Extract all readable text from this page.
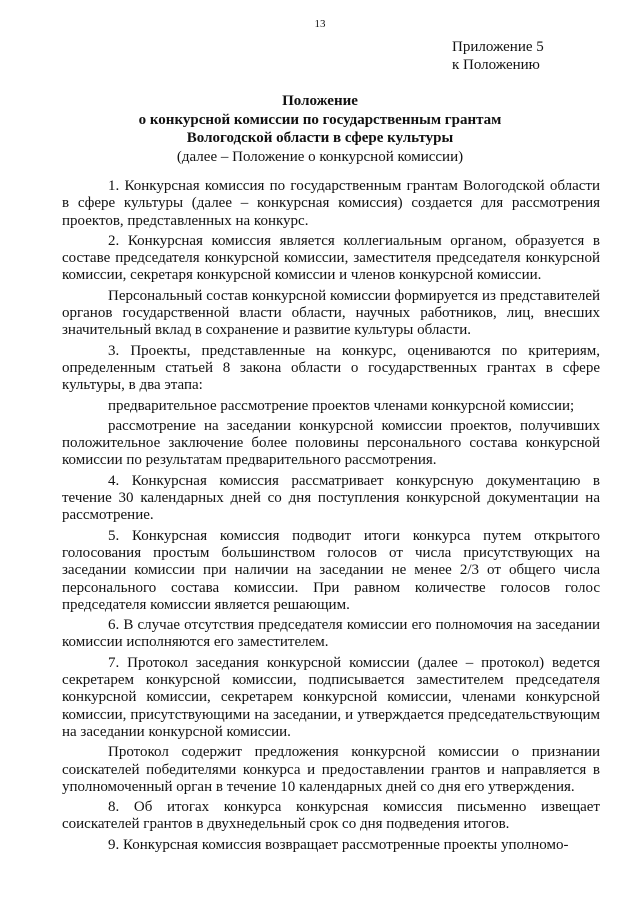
13
Приложение 5
к Положению
Положение
о конкурсной комиссии по государственным грантам
Вологодской области в сфере культуры
(далее – Положение о конкурсной комиссии)

1. Конкурсная комиссия по государственным грантам Вологодской области в сфере культуры (далее – конкурсная комиссия) создается для рассмотрения проектов, представленных на конкурс.

2. Конкурсная комиссия является коллегиальным органом, образуется в составе председателя конкурсной комиссии, заместителя председателя конкурсной комиссии, секретаря конкурсной комиссии и членов конкурсной комиссии.

Персональный состав конкурсной комиссии формируется из представителей органов государственной власти области, научных работников, лиц, внесших значительный вклад в сохранение и развитие культуры области.

3. Проекты, представленные на конкурс, оцениваются по критериям, определенным статьей 8 закона области о государственных грантах в сфере культуры, в два этапа:

предварительное рассмотрение проектов членами конкурсной комиссии;

рассмотрение на заседании конкурсной комиссии проектов, получивших положительное заключение более половины персонального состава конкурсной комиссии по результатам предварительного рассмотрения.

4. Конкурсная комиссия рассматривает конкурсную документацию в течение 30 календарных дней со дня поступления конкурсной документации на рассмотрение.

5. Конкурсная комиссия подводит итоги конкурса путем открытого голосования простым большинством голосов от числа присутствующих на заседании комиссии при наличии на заседании не менее 2/3 от общего числа персонального состава комиссии. При равном количестве голосов голос председателя комиссии является решающим.

6. В случае отсутствия председателя комиссии его полномочия на заседании комиссии исполняются его заместителем.

7. Протокол заседания конкурсной комиссии (далее – протокол) ведется секретарем конкурсной комиссии, подписывается заместителем председателя конкурсной комиссии, секретарем конкурсной комиссии, членами конкурсной комиссии, присутствующими на заседании, и утверждается председательствующим на заседании конкурсной комиссии.

Протокол содержит предложения конкурсной комиссии о признании соискателей победителями конкурса и предоставлении грантов и направляется в уполномоченный орган в течение 10 календарных дней со дня его утверждения.

8. Об итогах конкурса конкурсная комиссия письменно извещает соискателей грантов в двухнедельный срок со дня подведения итогов.

9. Конкурсная комиссия возвращает рассмотренные проекты уполномо-
